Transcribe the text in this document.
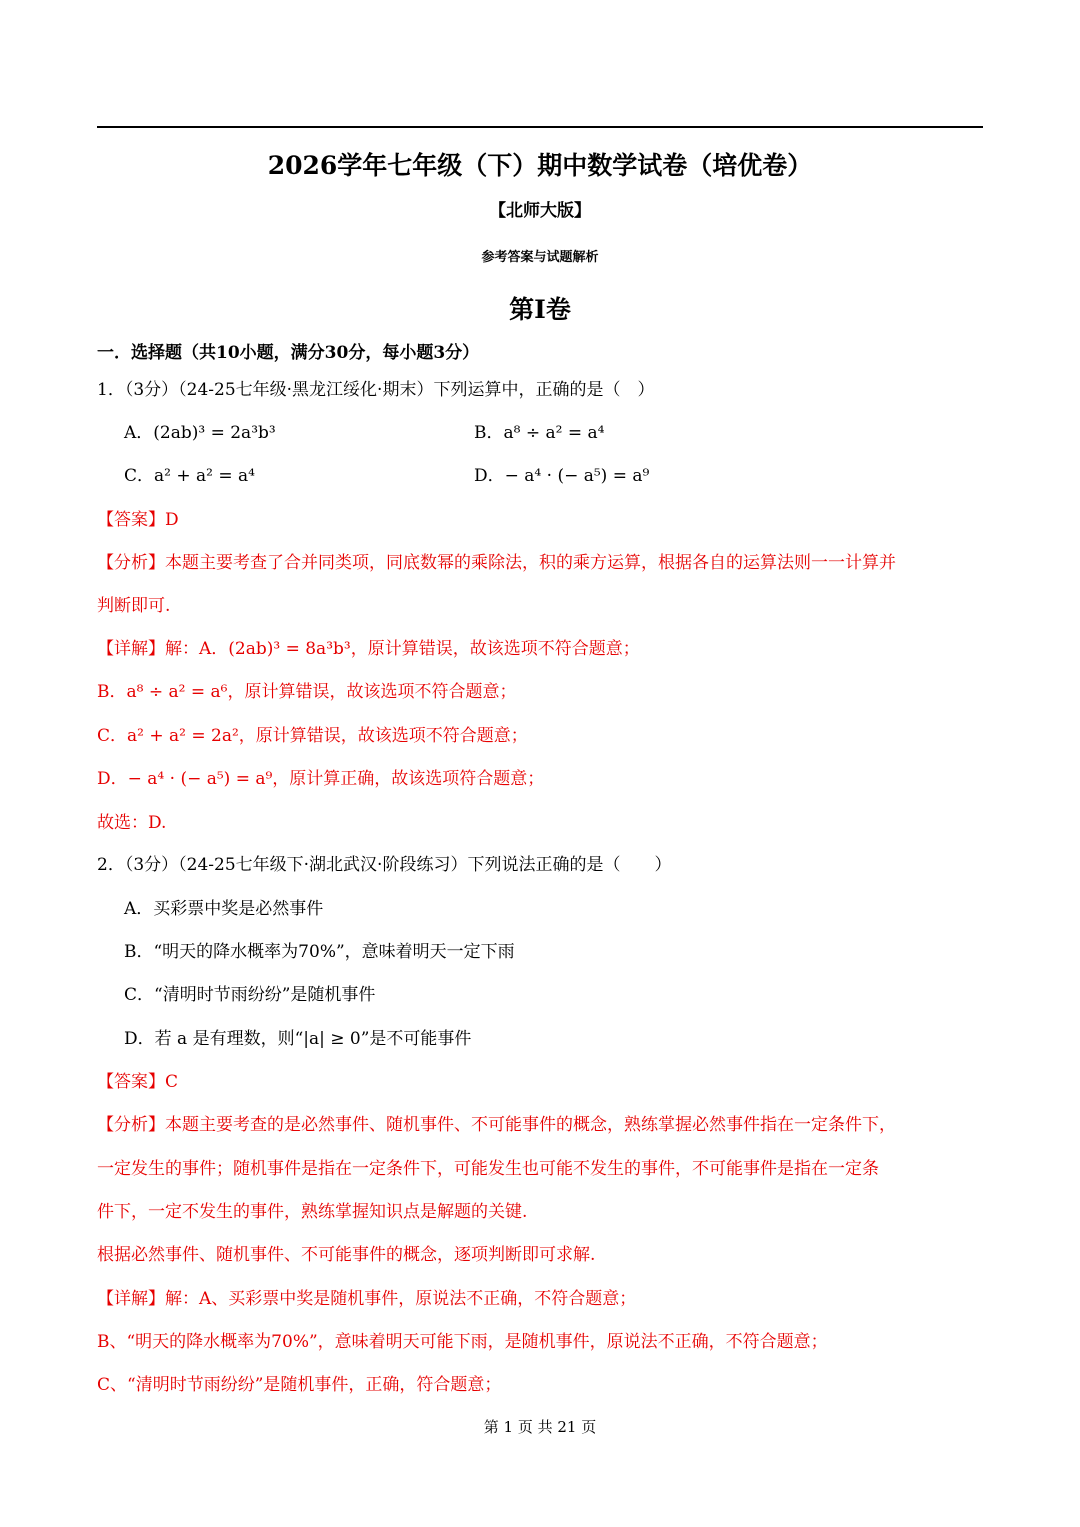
2026学年七年级（下）期中数学试卷（培优卷）
【北师大版】
参考答案与试题解析
第Ⅰ卷
一．选择题（共10小题，满分30分，每小题3分）
1．（3分）（24-25七年级·黑龙江绥化·期末）下列运算中，正确的是（　）
A．(2ab)³ = 2a³b³	B．a⁸ ÷ a² = a⁴
C．a² + a² = a⁴	D．− a⁴ · (− a⁵) = a⁹
【答案】D
【分析】本题主要考查了合并同类项，同底数幂的乘除法，积的乘方运算，根据各自的运算法则一一计算并
判断即可.
【详解】解：A．(2ab)³ = 8a³b³，原计算错误，故该选项不符合题意；
B．a⁸ ÷ a² = a⁶，原计算错误，故该选项不符合题意；
C．a² + a² = 2a²，原计算错误，故该选项不符合题意；
D．− a⁴ · (− a⁵) = a⁹，原计算正确，故该选项符合题意；
故选：D.
2．（3分）（24-25七年级下·湖北武汉·阶段练习）下列说法正确的是（　　）
A．买彩票中奖是必然事件
B．“明天的降水概率为70%”，意味着明天一定下雨
C．“清明时节雨纷纷”是随机事件
D．若 a 是有理数，则“|a| ≥ 0”是不可能事件
【答案】C
【分析】本题主要考查的是必然事件、随机事件、不可能事件的概念，熟练掌握必然事件指在一定条件下，
一定发生的事件；随机事件是指在一定条件下，可能发生也可能不发生的事件，不可能事件是指在一定条
件下，一定不发生的事件，熟练掌握知识点是解题的关键.
根据必然事件、随机事件、不可能事件的概念，逐项判断即可求解.
【详解】解：A、买彩票中奖是随机事件，原说法不正确，不符合题意；
B、“明天的降水概率为70%”，意味着明天可能下雨，是随机事件，原说法不正确，不符合题意；
C、“清明时节雨纷纷”是随机事件，正确，符合题意；
第 1 页 共 21 页
